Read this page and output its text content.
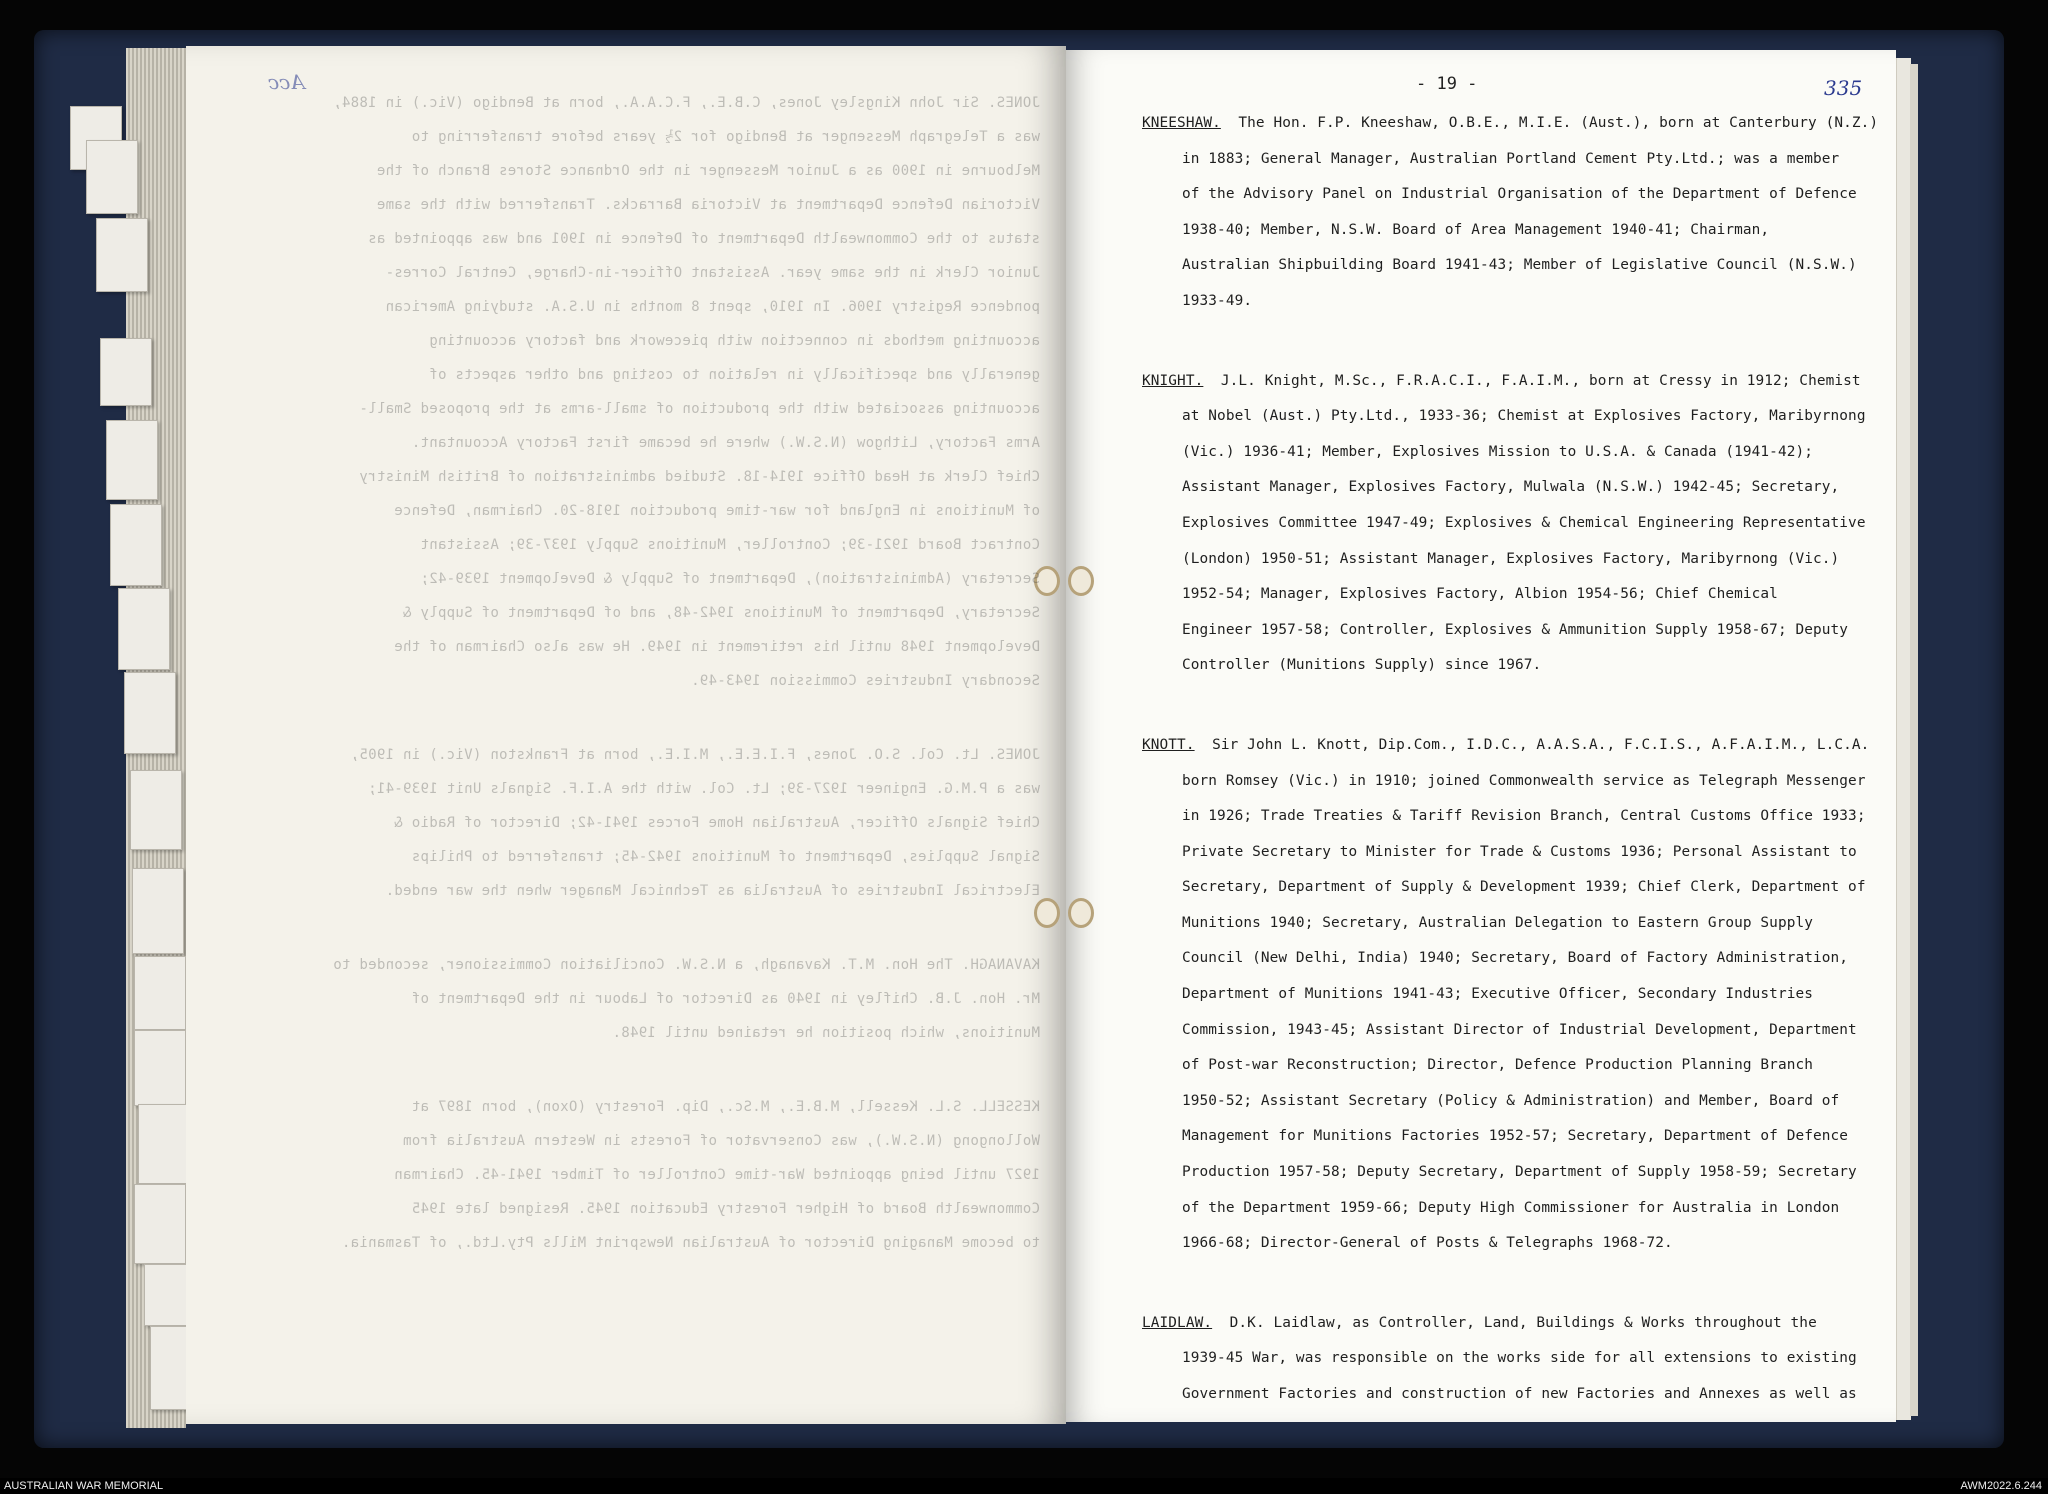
Acc

JONES. Sir John Kingsley Jones, C.B.E., F.C.A.A., born at Bendigo (Vic.) in 1884,
was a Telegraph Messenger at Bendigo for 2½ years before transferring to
Melbourne in 1900 as a Junior Messenger in the Ordnance Stores Branch of the
Victorian Defence Department at Victoria Barracks. Transferred with the same
status to the Commonwealth Department of Defence in 1901 and was appointed as
Junior Clerk in the same year. Assistant Officer-in-Charge, Central Corres-
pondence Registry 1906. In 1910, spent 8 months in U.S.A. studying American
accounting methods in connection with piecework and factory accounting
generally and specifically in relation to costing and other aspects of
accounting associated with the production of small-arms at the proposed Small-
Arms Factory, Lithgow (N.S.W.) where he became first Factory Accountant.
Chief Clerk at Head Office 1914-18. Studied administration of British Ministry
of Munitions in England for war-time production 1918-20. Chairman, Defence
Contract Board 1921-39; Controller, Munitions Supply 1937-39; Assistant
Secretary (Administration), Department of Supply & Development 1939-42;
Secretary, Department of Munitions 1942-48, and of Department of Supply &
Development 1948 until his retirement in 1949. He was also Chairman of the
Secondary Industries Commission 1943-49.

JONES. Lt. Col. S.O. Jones, F.I.E.E., M.I.E., born at Frankston (Vic.) in 1905,
was a P.M.G. Engineer 1927-39; Lt. Col. with the A.I.F. Signals Unit 1939-41;
Chief Signals Officer, Australian Home Forces 1941-42; Director of Radio &
Signal Supplies, Department of Munitions 1942-45; transferred to Philips
Electrical Industries of Australia as Technical Manager when the war ended.

KAVANAGH. The Hon. M.T. Kavanagh, a N.S.W. Conciliation Commissioner, seconded to
Mr. Hon. J.B. Chifley in 1940 as Director of Labour in the Department of
Munitions, which position he retained until 1948.

KESSELL. S.L. Kessell, M.B.E., M.Sc., Dip. Forestry (Oxon), born 1897 at
Wollongong (N.S.W.), was Conservator of Forests in Western Australia from
1927 until being appointed War-time Controller of Timber 1941-45. Chairman
Commonwealth Board of Higher Forestry Education 1945. Resigned late 1945
to become Managing Director of Australian Newsprint Mills Pty.Ltd., of Tasmania.

- 19 -	335
KNEESHAW. The Hon. F.P. Kneeshaw, O.B.E., M.I.E. (Aust.), born at Canterbury (N.Z.)
in 1883; General Manager, Australian Portland Cement Pty.Ltd.; was a member
of the Advisory Panel on Industrial Organisation of the Department of Defence
1938-40; Member, N.S.W. Board of Area Management 1940-41; Chairman,
Australian Shipbuilding Board 1941-43; Member of Legislative Council (N.S.W.)
1933-49.
KNIGHT. J.L. Knight, M.Sc., F.R.A.C.I., F.A.I.M., born at Cressy in 1912; Chemist
at Nobel (Aust.) Pty.Ltd., 1933-36; Chemist at Explosives Factory, Maribyrnong
(Vic.) 1936-41; Member, Explosives Mission to U.S.A. & Canada (1941-42);
Assistant Manager, Explosives Factory, Mulwala (N.S.W.) 1942-45; Secretary,
Explosives Committee 1947-49; Explosives & Chemical Engineering Representative
(London) 1950-51; Assistant Manager, Explosives Factory, Maribyrnong (Vic.)
1952-54; Manager, Explosives Factory, Albion 1954-56; Chief Chemical
Engineer 1957-58; Controller, Explosives & Ammunition Supply 1958-67; Deputy
Controller (Munitions Supply) since 1967.
KNOTT. Sir John L. Knott, Dip.Com., I.D.C., A.A.S.A., F.C.I.S., A.F.A.I.M., L.C.A.
born Romsey (Vic.) in 1910; joined Commonwealth service as Telegraph Messenger
in 1926; Trade Treaties & Tariff Revision Branch, Central Customs Office 1933;
Private Secretary to Minister for Trade & Customs 1936; Personal Assistant to
Secretary, Department of Supply & Development 1939; Chief Clerk, Department of
Munitions 1940; Secretary, Australian Delegation to Eastern Group Supply
Council (New Delhi, India) 1940; Secretary, Board of Factory Administration,
Department of Munitions 1941-43; Executive Officer, Secondary Industries
Commission, 1943-45; Assistant Director of Industrial Development, Department
of Post-war Reconstruction; Director, Defence Production Planning Branch
1950-52; Assistant Secretary (Policy & Administration) and Member, Board of
Management for Munitions Factories 1952-57; Secretary, Department of Defence
Production 1957-58; Deputy Secretary, Department of Supply 1958-59; Secretary
of the Department 1959-66; Deputy High Commissioner for Australia in London
1966-68; Director-General of Posts & Telegraphs 1968-72.
LAIDLAW. D.K. Laidlaw, as Controller, Land, Buildings & Works throughout the
1939-45 War, was responsible on the works side for all extensions to existing
Government Factories and construction of new Factories and Annexes as well as
AUSTRALIAN WAR MEMORIAL	AWM2022.6.244
